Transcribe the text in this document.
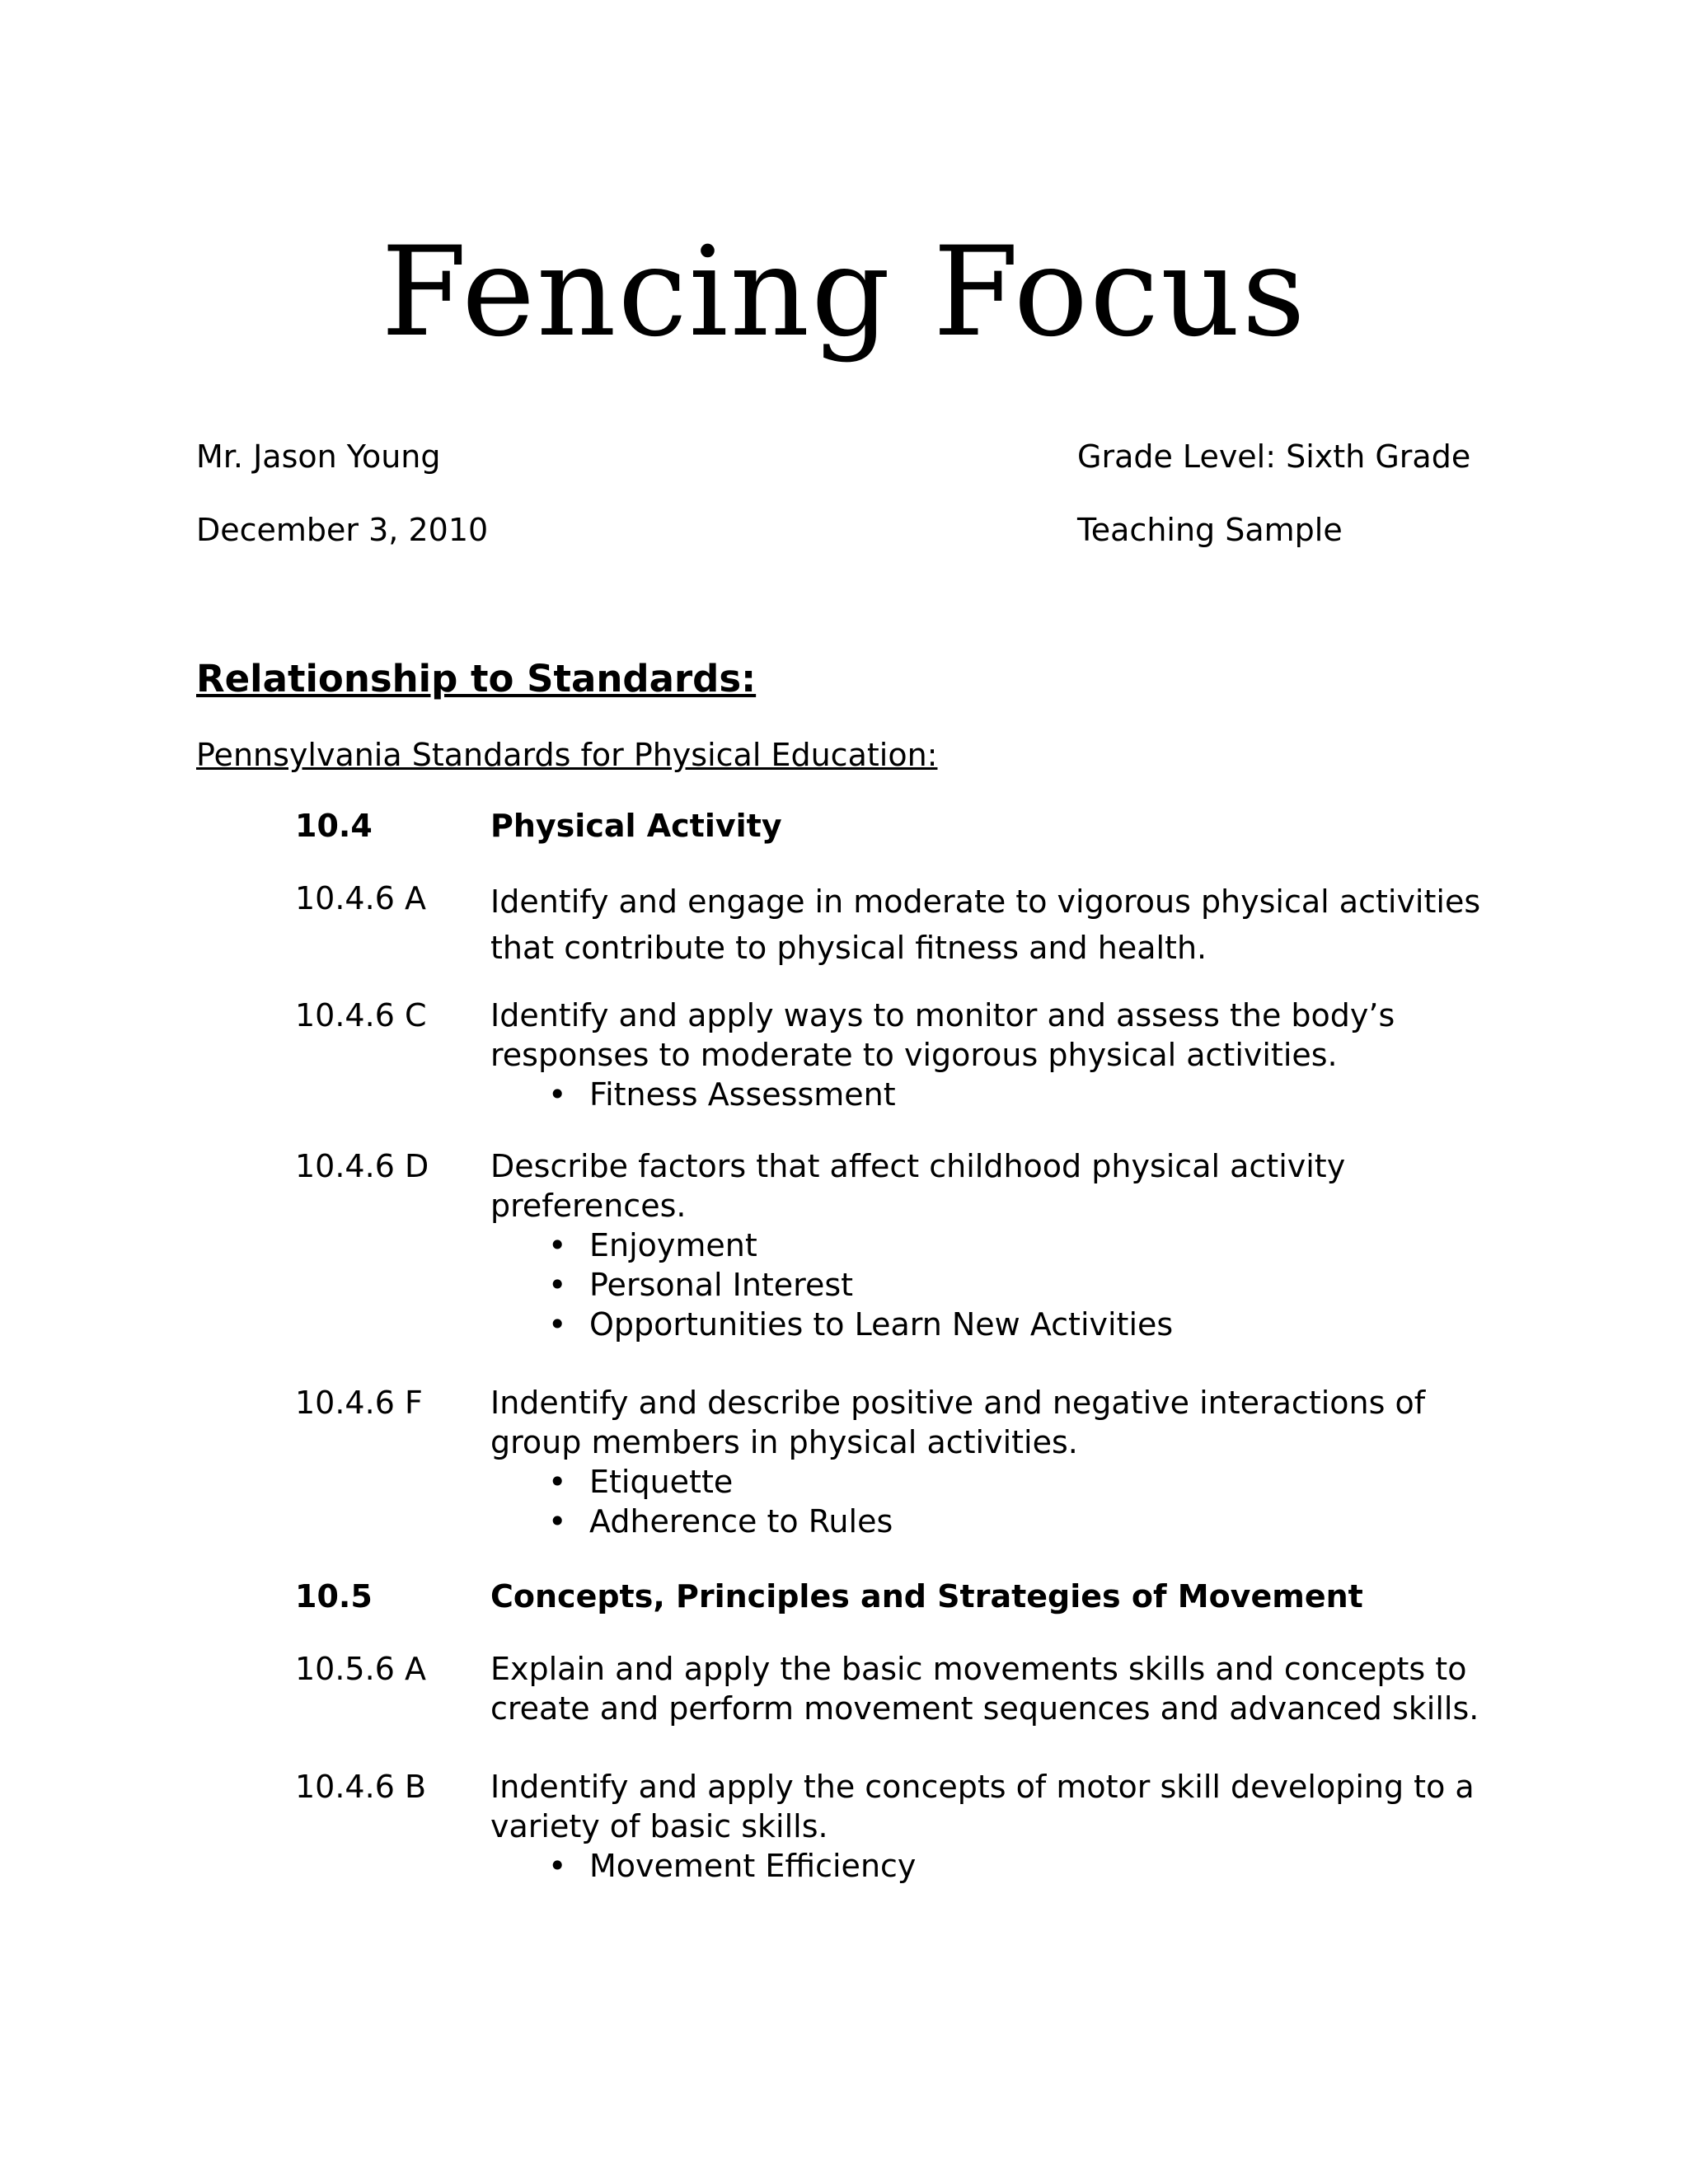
Fencing Focus
Mr. Jason Young
December 3, 2010
Grade Level: Sixth Grade
Teaching Sample
Relationship to Standards:
Pennsylvania Standards for Physical Education:
10.4	Physical Activity
10.4.6 A	Identify and engage in moderate to vigorous physical activities that contribute to physical fitness and health.
10.4.6 C	Identify and apply ways to monitor and assess the body’s responses to moderate to vigorous physical activities.
• Fitness Assessment
10.4.6 D	Describe factors that affect childhood physical activity preferences.
• Enjoyment
• Personal Interest
• Opportunities to Learn New Activities
10.4.6 F	Indentify and describe positive and negative interactions of group members in physical activities.
• Etiquette
• Adherence to Rules
10.5	Concepts, Principles and Strategies of Movement
10.5.6 A	Explain and apply the basic movements skills and concepts to create and perform movement sequences and advanced skills.
10.4.6 B	Indentify and apply the concepts of motor skill developing to a variety of basic skills.
• Movement Efficiency
